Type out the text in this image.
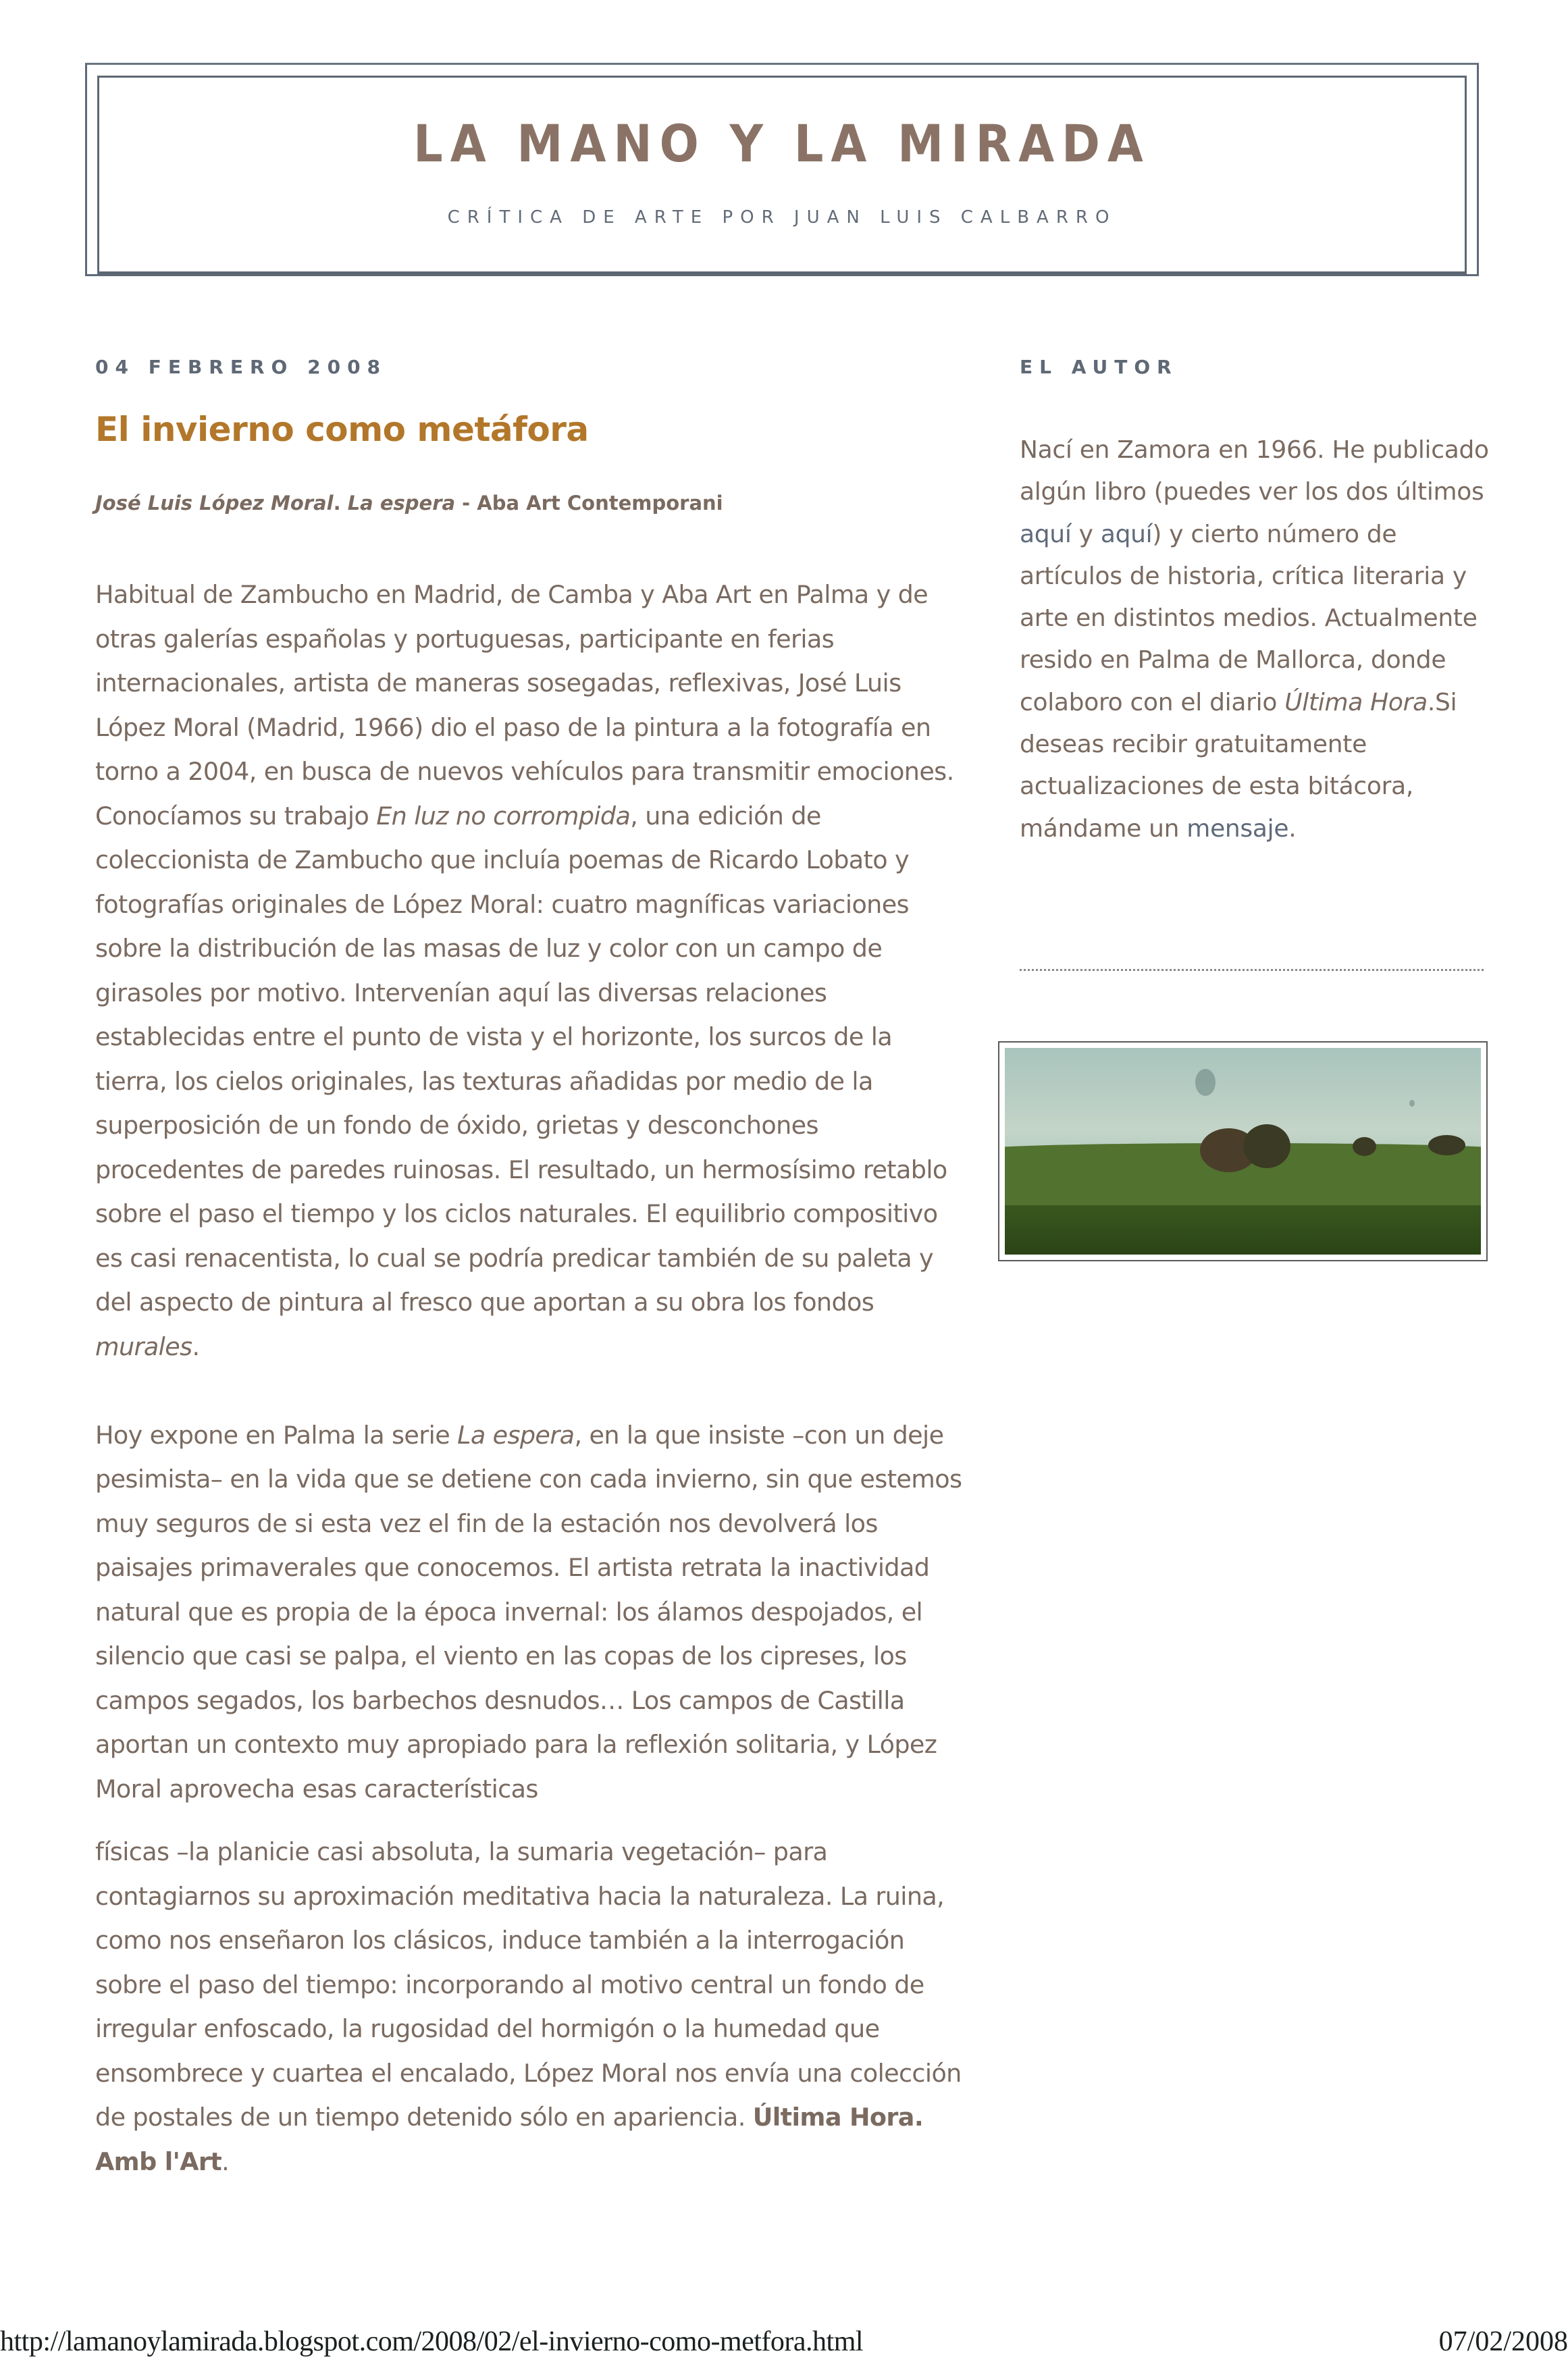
LA MANO Y LA MIRADA
CRÍTICA DE ARTE POR JUAN LUIS CALBARRO
04 FEBRERO 2008
El invierno como metáfora
José Luis López Moral. La espera - Aba Art Contemporani

Habitual de Zambucho en Madrid, de Camba y Aba Art en Palma y de otras galerías españolas y portuguesas, participante en ferias internacionales, artista de maneras sosegadas, reflexivas, José Luis López Moral (Madrid, 1966) dio el paso de la pintura a la fotografía en torno a 2004, en busca de nuevos vehículos para transmitir emociones. Conocíamos su trabajo En luz no corrompida, una edición de coleccionista de Zambucho que incluía poemas de Ricardo Lobato y fotografías originales de López Moral: cuatro magníficas variaciones sobre la distribución de las masas de luz y color con un campo de girasoles por motivo. Intervenían aquí las diversas relaciones establecidas entre el punto de vista y el horizonte, los surcos de la tierra, los cielos originales, las texturas añadidas por medio de la superposición de un fondo de óxido, grietas y desconchones procedentes de paredes ruinosas. El resultado, un hermosísimo retablo sobre el paso el tiempo y los ciclos naturales. El equilibrio compositivo es casi renacentista, lo cual se podría predicar también de su paleta y del aspecto de pintura al fresco que aportan a su obra los fondos murales.

Hoy expone en Palma la serie La espera, en la que insiste –con un deje pesimista– en la vida que se detiene con cada invierno, sin que estemos muy seguros de si esta vez el fin de la estación nos devolverá los paisajes primaverales que conocemos. El artista retrata la inactividad natural que es propia de la época invernal: los álamos despojados, el silencio que casi se palpa, el viento en las copas de los cipreses, los campos segados, los barbechos desnudos… Los campos de Castilla aportan un contexto muy apropiado para la reflexión solitaria, y López Moral aprovecha esas características

físicas –la planicie casi absoluta, la sumaria vegetación– para contagiarnos su aproximación meditativa hacia la naturaleza. La ruina, como nos enseñaron los clásicos, induce también a la interrogación sobre el paso del tiempo: incorporando al motivo central un fondo de irregular enfoscado, la rugosidad del hormigón o la humedad que ensombrece y cuartea el encalado, López Moral nos envía una colección de postales de un tiempo detenido sólo en apariencia. Última Hora. Amb l'Art.

EL AUTOR
Nací en Zamora en 1966. He publicado algún libro (puedes ver los dos últimos aquí y aquí) y cierto número de artículos de historia, crítica literaria y arte en distintos medios. Actualmente resido en Palma de Mallorca, donde colaboro con el diario Última Hora.Si deseas recibir gratuitamente actualizaciones de esta bitácora, mándame un mensaje.
http://lamanoylamirada.blogspot.com/2008/02/el-invierno-como-metfora.html	07/02/2008
